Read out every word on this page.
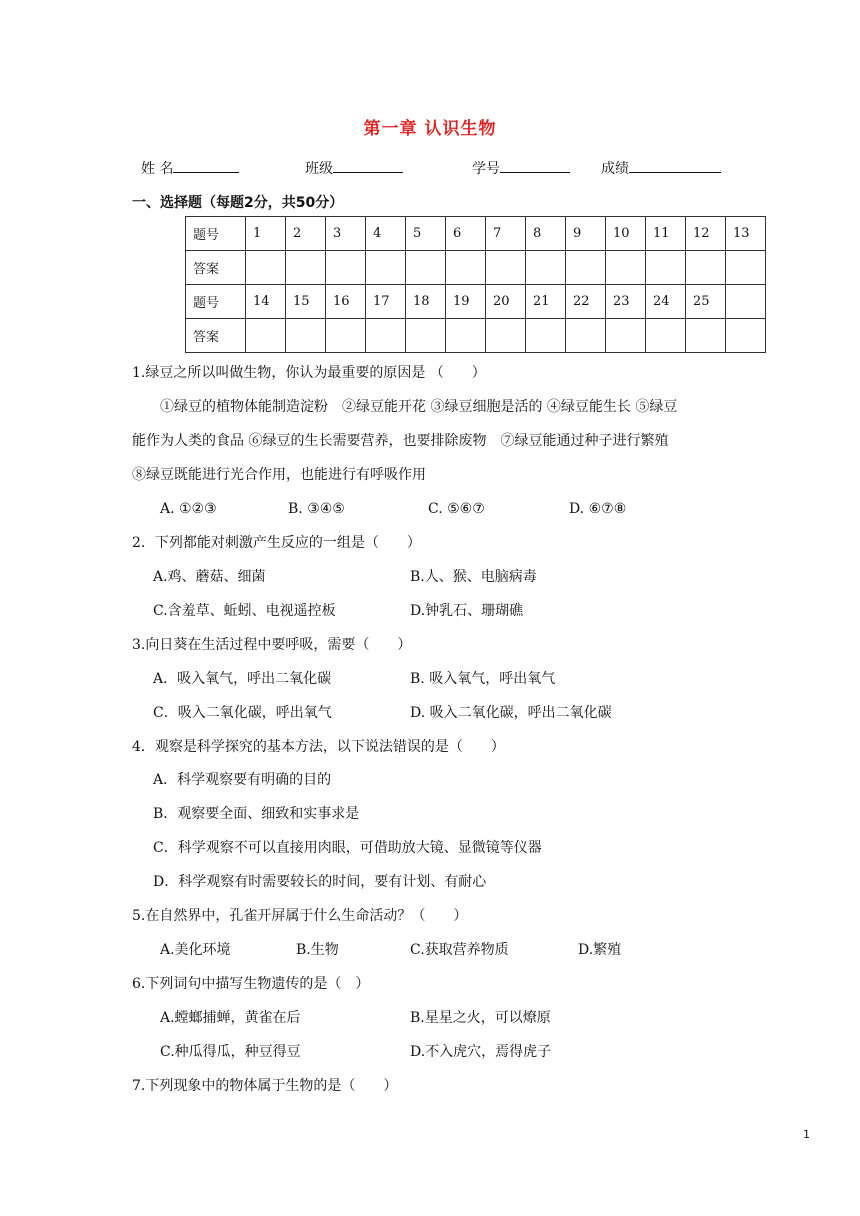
第一章 认识生物
姓 名	班级	学号	成绩
一、选择题（每题2分，共50分）
题号	1	2	3	4	5	6	7	8	9	10	11	12	13
答案													
题号	14	15	16	17	18	19	20	21	22	23	24	25	
答案													
1.绿豆之所以叫做生物，你认为最重要的原因是 （　　）
①绿豆的植物体能制造淀粉　②绿豆能开花 ③绿豆细胞是活的 ④绿豆能生长 ⑤绿豆
能作为人类的食品 ⑥绿豆的生长需要营养，也要排除废物　⑦绿豆能通过种子进行繁殖
⑧绿豆既能进行光合作用，也能进行有呼吸作用
A. ①②③	B. ③④⑤	C. ⑤⑥⑦	D. ⑥⑦⑧
2．下列都能对刺激产生反应的一组是（　　）
A.鸡、蘑菇、细菌	B.人、猴、电脑病毒
C.含羞草、蚯蚓、电视遥控板	D.钟乳石、珊瑚礁
3.向日葵在生活过程中要呼吸，需要（　　）
A．吸入氧气，呼出二氧化碳	B. 吸入氧气，呼出氧气
C．吸入二氧化碳，呼出氧气	D. 吸入二氧化碳，呼出二氧化碳
4．观察是科学探究的基本方法，以下说法错误的是（　　）
A．科学观察要有明确的目的
B．观察要全面、细致和实事求是
C．科学观察不可以直接用肉眼，可借助放大镜、显微镜等仪器
D．科学观察有时需要较长的时间，要有计划、有耐心
5.在自然界中，孔雀开屏属于什么生命活动？（　　）
A.美化环境	B.生物	C.获取营养物质	D.繁殖
6.下列词句中描写生物遗传的是（　）
A.螳螂捕蝉，黄雀在后	B.星星之火，可以燎原
C.种瓜得瓜，种豆得豆	D.不入虎穴，焉得虎子
7.下列现象中的物体属于生物的是（　　）
1
